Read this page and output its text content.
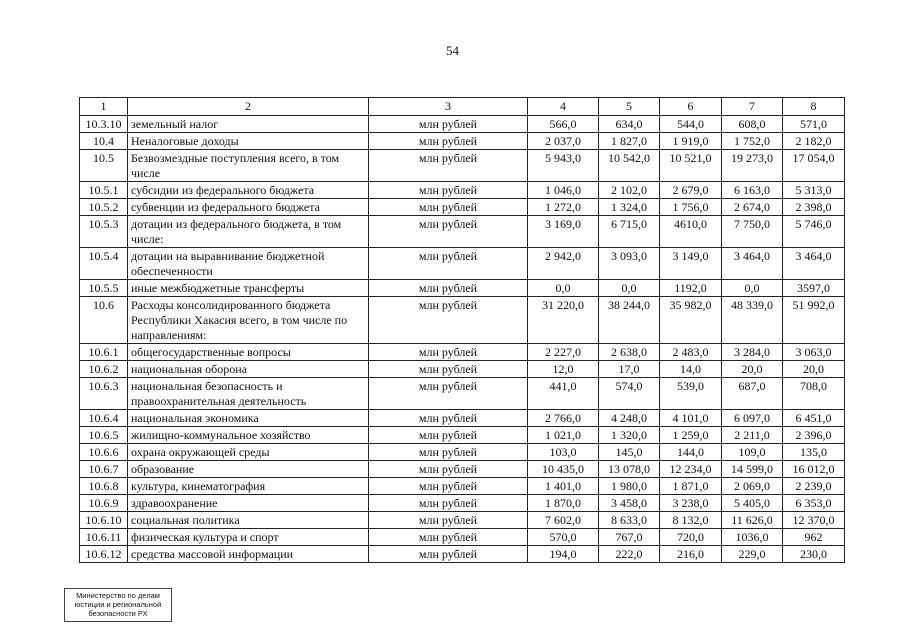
54
1	2	3	4	5	6	7	8
10.3.10	земельный налог	млн рублей	566,0	634,0	544,0	608,0	571,0
10.4	Неналоговые доходы	млн рублей	2 037,0	1 827,0	1 919,0	1 752,0	2 182,0
10.5	Безвозмездные поступления всего, в том числе	млн рублей	5 943,0	10 542,0	10 521,0	19 273,0	17 054,0
10.5.1	субсидии из федерального бюджета	млн рублей	1 046,0	2 102,0	2 679,0	6 163,0	5 313,0
10.5.2	субвенции из федерального бюджета	млн рублей	1 272,0	1 324,0	1 756,0	2 674,0	2 398,0
10.5.3	дотации из федерального бюджета, в том числе:	млн рублей	3 169,0	6 715,0	4610,0	7 750,0	5 746,0
10.5.4	дотации на выравнивание бюджетной обеспеченности	млн рублей	2 942,0	3 093,0	3 149,0	3 464,0	3 464,0
10.5.5	иные межбюджетные трансферты	млн рублей	0,0	0,0	1192,0	0,0	3597,0
10.6	Расходы консолидированного бюджета Республики Хакасия всего, в том числе по направлениям:	млн рублей	31 220,0	38 244,0	35 982,0	48 339,0	51 992,0
10.6.1	общегосударственные вопросы	млн рублей	2 227,0	2 638,0	2 483,0	3 284,0	3 063,0
10.6.2	национальная оборона	млн рублей	12,0	17,0	14,0	20,0	20,0
10.6.3	национальная безопасность и правоохранительная деятельность	млн рублей	441,0	574,0	539,0	687,0	708,0
10.6.4	национальная экономика	млн рублей	2 766,0	4 248,0	4 101,0	6 097,0	6 451,0
10.6.5	жилищно-коммунальное хозяйство	млн рублей	1 021,0	1 320,0	1 259,0	2 211,0	2 396,0
10.6.6	охрана окружающей среды	млн рублей	103,0	145,0	144,0	109,0	135,0
10.6.7	образование	млн рублей	10 435,0	13 078,0	12 234,0	14 599,0	16 012,0
10.6.8	культура, кинематография	млн рублей	1 401,0	1 980,0	1 871,0	2 069,0	2 239,0
10.6.9	здравоохранение	млн рублей	1 870,0	3 458,0	3 238,0	5 405,0	6 353,0
10.6.10	социальная политика	млн рублей	7 602,0	8 633,0	8 132,0	11 626,0	12 370,0
10.6.11	физическая культура и спорт	млн рублей	570,0	767,0	720,0	1036,0	962
10.6.12	средства массовой информации	млн рублей	194,0	222,0	216,0	229,0	230,0
Министерство по делам
юстиции и региональной
безопасности РХ
